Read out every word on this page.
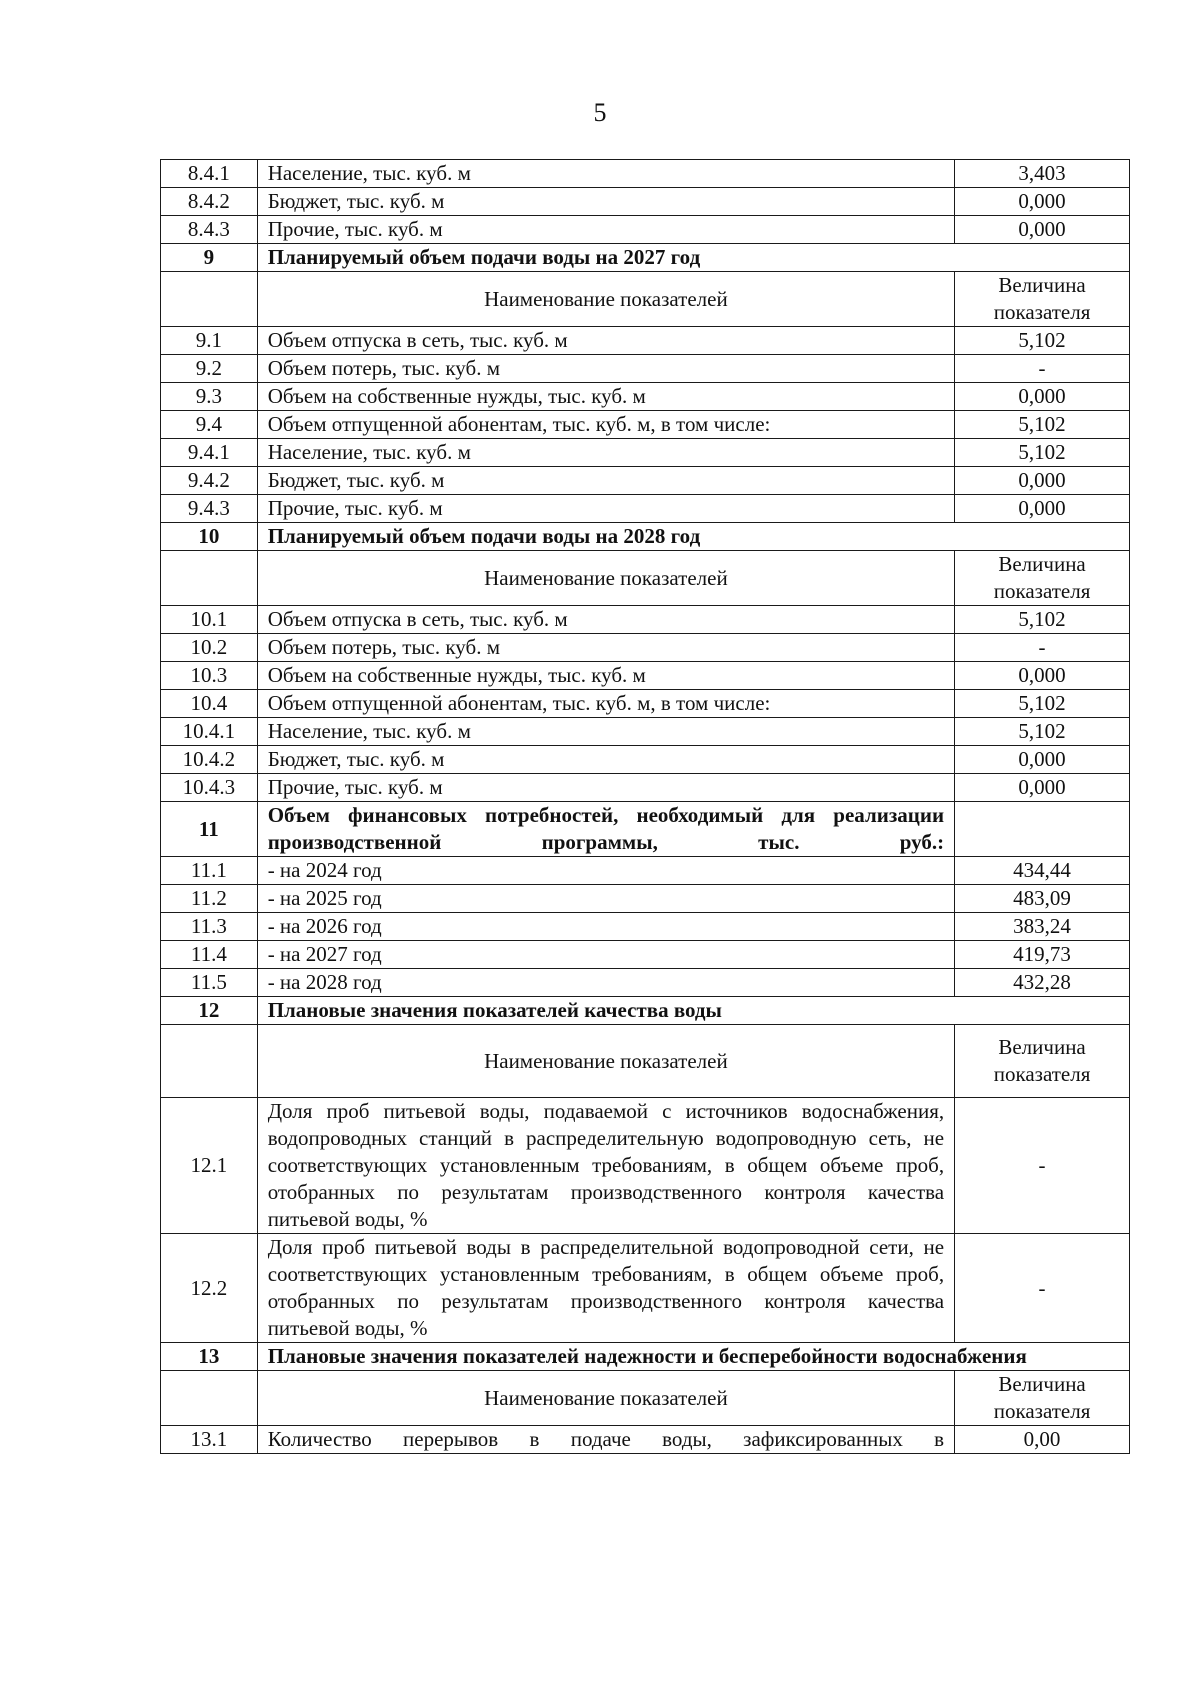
5
8.4.1	Население, тыс. куб. м	3,403
8.4.2	Бюджет, тыс. куб. м	0,000
8.4.3	Прочие, тыс. куб. м	0,000
9	Планируемый объем подачи воды на 2027 год	
	Наименование показателей	Величина показателя
9.1	Объем отпуска в сеть, тыс. куб. м	5,102
9.2	Объем потерь, тыс. куб. м	-
9.3	Объем на собственные нужды, тыс. куб. м	0,000
9.4	Объем отпущенной абонентам, тыс. куб. м, в том числе:	5,102
9.4.1	Население, тыс. куб. м	5,102
9.4.2	Бюджет, тыс. куб. м	0,000
9.4.3	Прочие, тыс. куб. м	0,000
10	Планируемый объем подачи воды на 2028 год	
	Наименование показателей	Величина показателя
10.1	Объем отпуска в сеть, тыс. куб. м	5,102
10.2	Объем потерь, тыс. куб. м	-
10.3	Объем на собственные нужды, тыс. куб. м	0,000
10.4	Объем отпущенной абонентам, тыс. куб. м, в том числе:	5,102
10.4.1	Население, тыс. куб. м	5,102
10.4.2	Бюджет, тыс. куб. м	0,000
10.4.3	Прочие, тыс. куб. м	0,000
11	Объем финансовых потребностей, необходимый для реализации производственной программы, тыс. руб.:	
11.1	- на 2024 год	434,44
11.2	- на 2025 год	483,09
11.3	- на 2026 год	383,24
11.4	- на 2027 год	419,73
11.5	- на 2028 год	432,28
12	Плановые значения показателей качества воды	
	Наименование показателей	Величина показателя
12.1	Доля проб питьевой воды, подаваемой с источников водоснабжения, водопроводных станций в распределительную водопроводную сеть, не соответствующих установленным требованиям, в общем объеме проб, отобранных по результатам производственного контроля качества питьевой воды, %	-
12.2	Доля проб питьевой воды в распределительной водопроводной сети, не соответствующих установленным требованиям, в общем объеме проб, отобранных по результатам производственного контроля качества питьевой воды, %	-
13	Плановые значения показателей надежности и бесперебойности водоснабжения	
	Наименование показателей	Величина показателя
13.1	Количество перерывов в подаче воды, зафиксированных в	0,00
